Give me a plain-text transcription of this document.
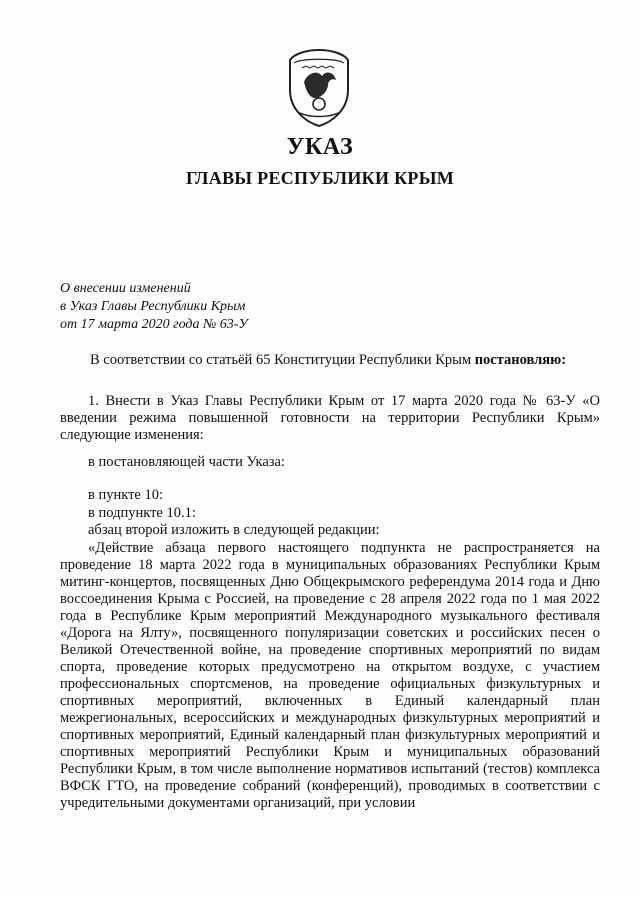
УКАЗ
ГЛАВЫ РЕСПУБЛИКИ КРЫМ
О внесении изменений
в Указ Главы Республики Крым
от 17 марта 2020 года № 63-У
В соответствии со статьёй 65 Конституции Республики Крым постановляю:
1. Внести в Указ Главы Республики Крым от 17 марта 2020 года № 63-У «О введении режима повышенной готовности на территории Республики Крым» следующие изменения:
в постановляющей части Указа:
в пункте 10:
в подпункте 10.1:
абзац второй изложить в следующей редакции:
«Действие абзаца первого настоящего подпункта не распространяется на проведение 18 марта 2022 года в муниципальных образованиях Республики Крым митинг-концертов, посвященных Дню Общекрымского референдума 2014 года и Дню воссоединения Крыма с Россией, на проведение с 28 апреля 2022 года по 1 мая 2022 года в Республике Крым мероприятий Международного музыкального фестиваля «Дорога на Ялту», посвященного популяризации советских и российских песен о Великой Отечественной войне, на проведение спортивных мероприятий по видам спорта, проведение которых предусмотрено на открытом воздухе, с участием профессиональных спортсменов, на проведение официальных физкультурных и спортивных мероприятий, включенных в Единый календарный план межрегиональных, всероссийских и международных физкультурных мероприятий и спортивных мероприятий, Единый календарный план физкультурных мероприятий и спортивных мероприятий Республики Крым и муниципальных образований Республики Крым, в том числе выполнение нормативов испытаний (тестов) комплекса ВФСК ГТО, на проведение собраний (конференций), проводимых в соответствии с учредительными документами организаций, при условии
